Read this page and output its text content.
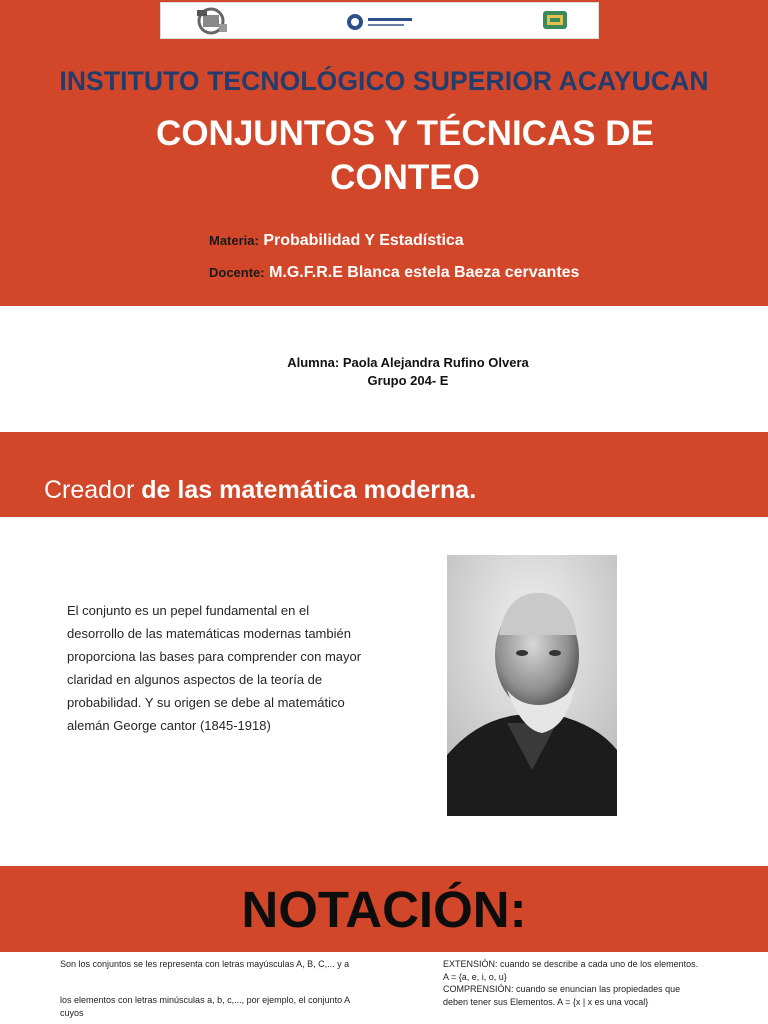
INSTITUTO TECNOLÓGICO SUPERIOR ACAYUCAN
CONJUNTOS Y TÉCNICAS DE
CONTEO
Materia: Probabilidad Y Estadística
Docente: M.G.F.R.E Blanca estela Baeza cervantes
Alumna: Paola Alejandra Rufino Olvera
Grupo 204- E
Creador de las matemática moderna.
El conjunto es un pepel fundamental en el desorrollo de las matemáticas modernas también proporciona las bases para comprender con mayor claridad en algunos aspectos de la teoría de probabilidad. Y su origen se debe al matemático alemán George cantor (1845-1918)
NOTACIÓN:
Son los conjuntos se les representa con letras mayúsculas A, B, C,... y a
los elementos con letras minúsculas a, b, c,..., por ejemplo, el conjunto A cuyos
EXTENSIÓN: cuando se describe a cada uno de los elementos.
A = {a, e, i, o, u}
COMPRENSIÓN: cuando se enuncian las propiedades que
deben tener sus Elementos. A = {x | x es una vocal}
